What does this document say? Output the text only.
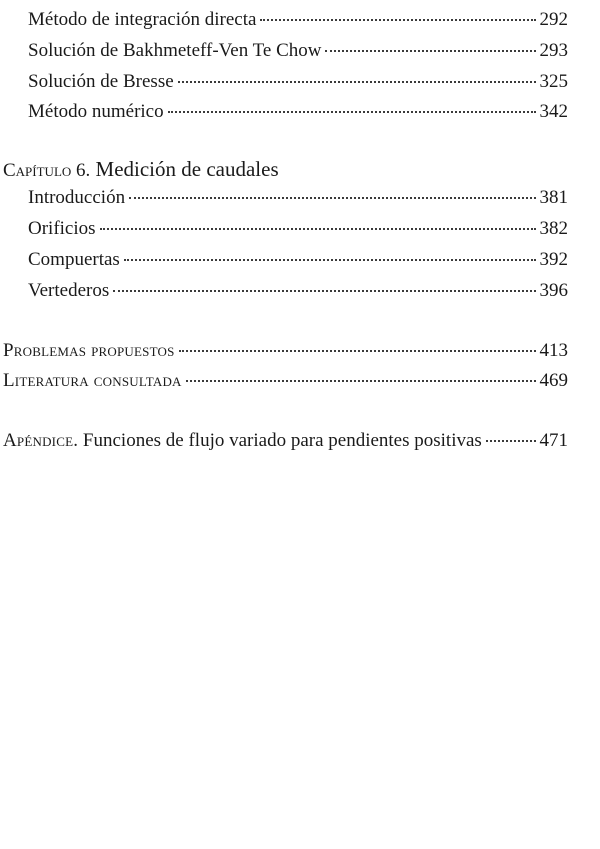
Método de integración directa	292
Solución de Bakhmeteff-Ven Te Chow	293
Solución de Bresse	325
Método numérico	342
Capítulo 6. Medición de caudales
Introducción	381
Orificios	382
Compuertas	392
Vertederos	396
Problemas propuestos	413
Literatura consultada	469
Apéndice. Funciones de flujo variado para pendientes positivas	471
